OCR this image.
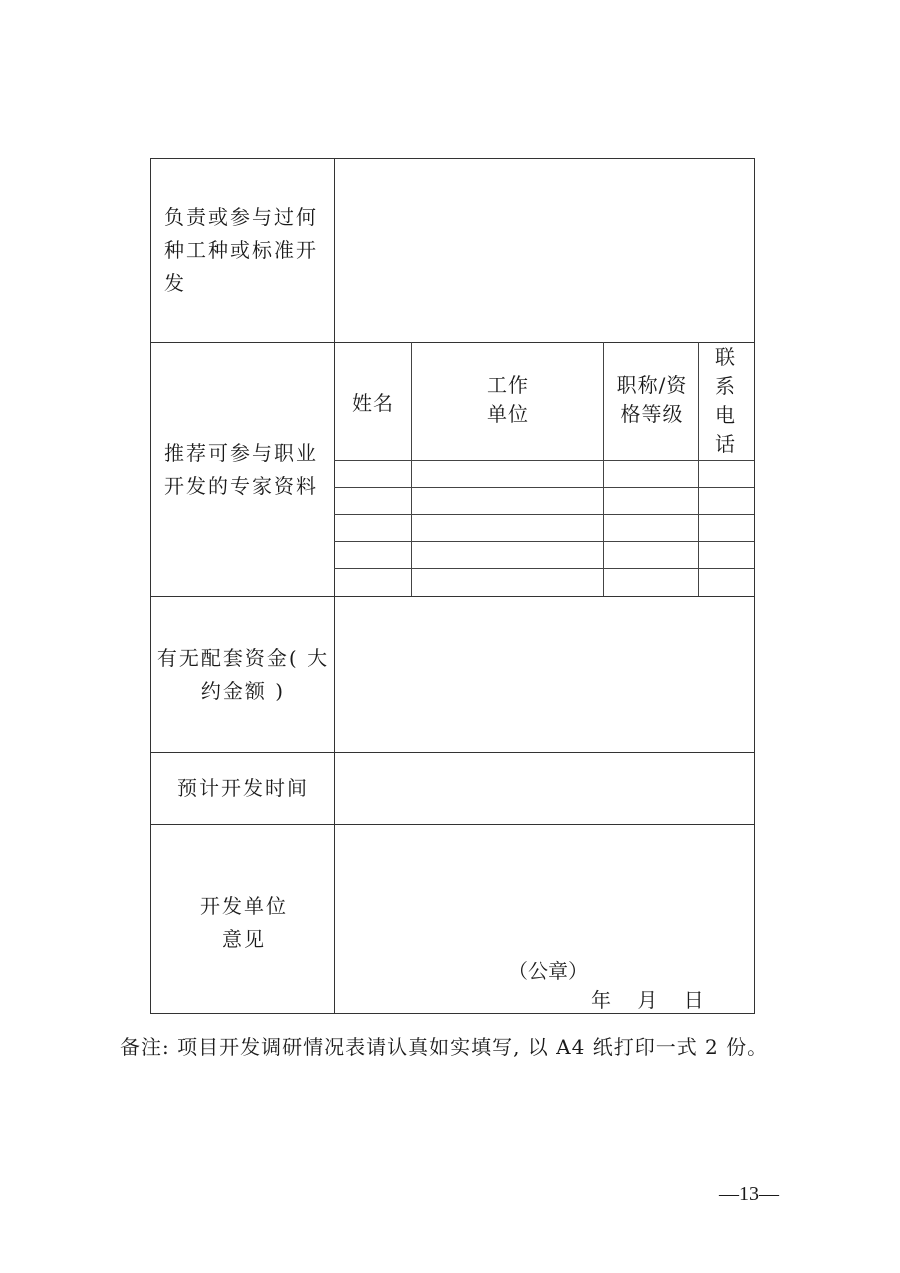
负责或参与过何种工种或标准开发
推荐可参与职业开发的专家资料
姓名
工作
单位
职称/资格等级
联系电话
有无配套资金( 大约金额 )
预计开发时间
开发单位意见
（公章）
年 月 日
备注: 项目开发调研情况表请认真如实填写, 以 A4 纸打印一式 2 份。
—13—
